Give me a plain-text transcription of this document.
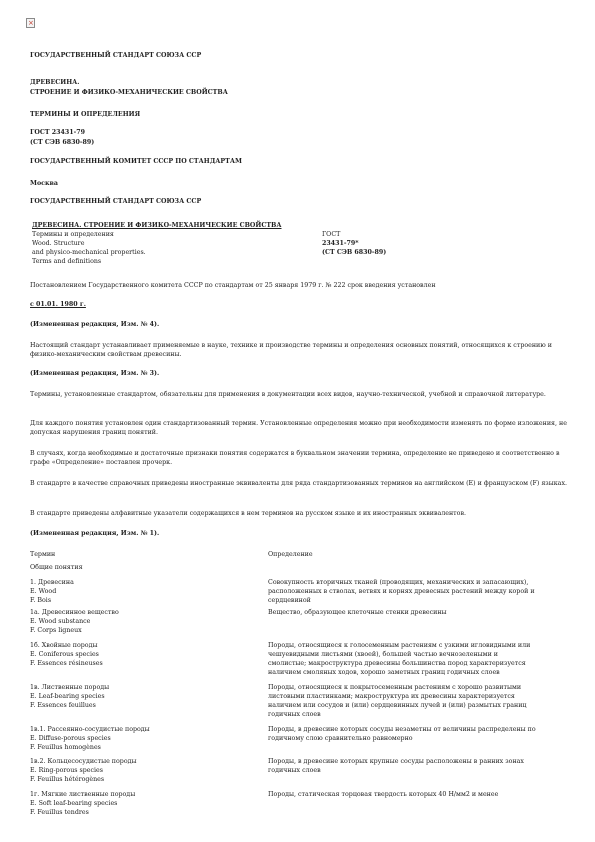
×
ГОСУДАРСТВЕННЫЙ СТАНДАРТ СОЮЗА ССР
ДРЕВЕСИНА.
СТРОЕНИЕ И ФИЗИКО-МЕХАНИЧЕСКИЕ СВОЙСТВА
ТЕРМИНЫ И ОПРЕДЕЛЕНИЯ
ГОСТ 23431-79
(СТ СЭВ 6830-89)
ГОСУДАРСТВЕННЫЙ КОМИТЕТ СССР ПО СТАНДАРТАМ
Москва
ГОСУДАРСТВЕННЫЙ СТАНДАРТ СОЮЗА ССР
ДРЕВЕСИНА. СТРОЕНИЕ И ФИЗИКО-МЕХАНИЧЕСКИЕ СВОЙСТВА
Термины и определения
Wood. Structure
and physico-mechanical properties.
Terms and definitions
ГОСТ
23431-79*
(СТ СЭВ 6830-89)
Постановлением Государственного комитета СССР по стандартам от 25 января 1979 г. № 222 срок введения установлен
с 01.01. 1980 г.
(Измененная редакция, Изм. № 4).
Настоящий стандарт устанавливает применяемые в науке, технике и производстве термины и определения основных понятий, относящихся к строению и физико-механическим свойствам древесины.
(Измененная редакция, Изм. № 3).
Термины, установленные стандартом, обязательны для применения в документации всех видов, научно-технической, учебной и справочной литературе.
Для каждого понятия установлен один стандартизованный термин. Установленные определения можно при необходимости изменять по форме изложения, не допуская нарушения границ понятий.
В случаях, когда необходимые и достаточные признаки понятия содержатся в буквальном значении термина, определение не приведено и соответственно в графе «Определение» поставлен прочерк.
В стандарте в качестве справочных приведены иностранные эквиваленты для ряда стандартизованных терминов на английском (Е) и французском (F) языках.
В стандарте приведены алфавитные указатели содержащихся в нем терминов на русском языке и их иностранных эквивалентов.
(Измененная редакция, Изм. № 1).
Термин	Определение
Общие понятия
1. Древесина
E. Wood
F. Bois
Совокупность вторичных тканей (проводящих, механических и запасающих), расположенных в стволах, ветвях и корнях древесных растений между корой и сердцевиной
1а. Древесинное вещество
E. Wood substance
F. Corps ligneux
Вещество, образующее клеточные стенки древесины
1б. Хвойные породы
E. Coniferous species
F. Essences résineuses
Породы, относящиеся к голосеменным растениям с узкими игловидными или чешуевидными листьями (хвоей), большей частью вечнозелеными и смолистые; макроструктура древесины большинства пород характеризуется наличием смоляных ходов, хорошо заметных границ годичных слоев
1в. Лиственные породы
E. Leaf-bearing species
F. Essences feuillues
Породы, относящиеся к покрытосеменным растениям с хорошо развитыми листовыми пластинками; макроструктура их древесины характеризуется наличием или сосудов и (или) сердцевинных лучей и (или) размытых границ годичных слоев
1в.1. Рассеянно-сосудистые породы
E. Diffuse-porous species
F. Feuillus homogènes
Породы, в древесине которых сосуды незаметны от величины распределены по годичному слою сравнительно равномерно
1в.2. Кольцесосудистые породы
E. Ring-porous species
F. Feuillus hétérogènes
Породы, в древесине которых крупные сосуды расположены в ранних зонах годичных слоев
1г. Мягкие лиственные породы
E. Soft leaf-bearing species
F. Feuillus tendres
Породы, статическая торцовая твердость которых 40 Н/мм2 и менее
